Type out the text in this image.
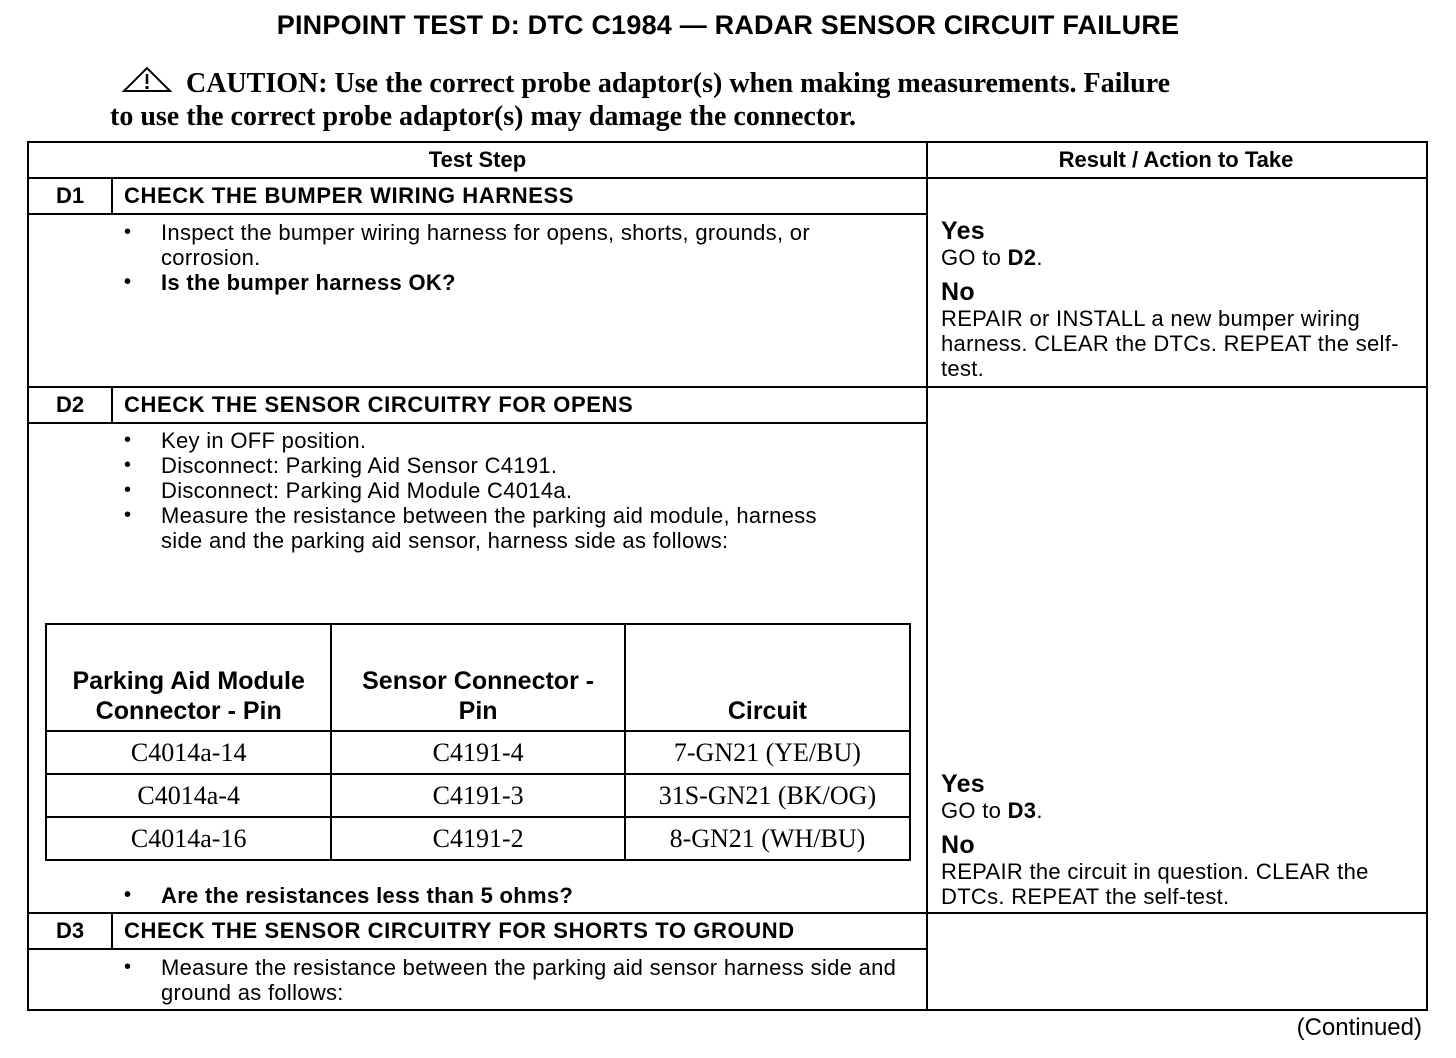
PINPOINT TEST D: DTC C1984 — RADAR SENSOR CIRCUIT FAILURE
CAUTION: Use the correct probe adaptor(s) when making measurements. Failure
to use the correct probe adaptor(s) may damage the connector.
Test Step	Result / Action to Take
D1	CHECK THE BUMPER WIRING HARNESS
• Inspect the bumper wiring harness for opens, shorts, grounds, or corrosion.
• Is the bumper harness OK?
Yes
GO to D2.
No
REPAIR or INSTALL a new bumper wiring harness. CLEAR the DTCs. REPEAT the self-test.
D2	CHECK THE SENSOR CIRCUITRY FOR OPENS
• Key in OFF position.
• Disconnect: Parking Aid Sensor C4191.
• Disconnect: Parking Aid Module C4014a.
• Measure the resistance between the parking aid module, harness side and the parking aid sensor, harness side as follows:
Parking Aid Module Connector - Pin	Sensor Connector - Pin	Circuit
C4014a-14	C4191-4	7-GN21 (YE/BU)
C4014a-4	C4191-3	31S-GN21 (BK/OG)
C4014a-16	C4191-2	8-GN21 (WH/BU)
• Are the resistances less than 5 ohms?
Yes
GO to D3.
No
REPAIR the circuit in question. CLEAR the DTCs. REPEAT the self-test.
D3	CHECK THE SENSOR CIRCUITRY FOR SHORTS TO GROUND
• Measure the resistance between the parking aid sensor harness side and ground as follows:
(Continued)
